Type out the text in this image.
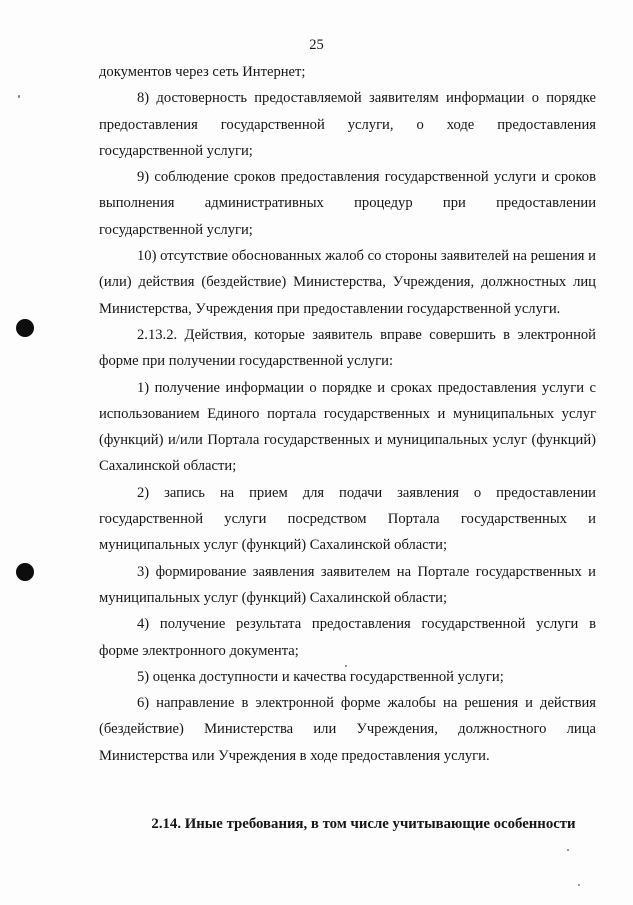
25

документов через сеть Интернет;

8) достоверность предоставляемой заявителям информации о порядке предоставления государственной услуги, о ходе предоставления государственной услуги;

9) соблюдение сроков предоставления государственной услуги и сроков выполнения административных процедур при предоставлении государственной услуги;

10) отсутствие обоснованных жалоб со стороны заявителей на решения и (или) действия (бездействие) Министерства, Учреждения, должностных лиц Министерства, Учреждения при предоставлении государственной услуги.

2.13.2. Действия, которые заявитель вправе совершить в электронной форме при получении государственной услуги:

1) получение информации о порядке и сроках предоставления услуги с использованием Единого портала государственных и муниципальных услуг (функций) и/или Портала государственных и муниципальных услуг (функций) Сахалинской области;

2) запись на прием для подачи заявления о предоставлении государственной услуги посредством Портала государственных и муниципальных услуг (функций) Сахалинской области;

3) формирование заявления заявителем на Портале государственных и муниципальных услуг (функций) Сахалинской области;

4) получение результата предоставления государственной услуги в форме электронного документа;

5) оценка доступности и качества государственной услуги;

6) направление в электронной форме жалобы на решения и действия (бездействие) Министерства или Учреждения, должностного лица Министерства или Учреждения в ходе предоставления услуги.

2.14. Иные требования, в том числе учитывающие особенности
